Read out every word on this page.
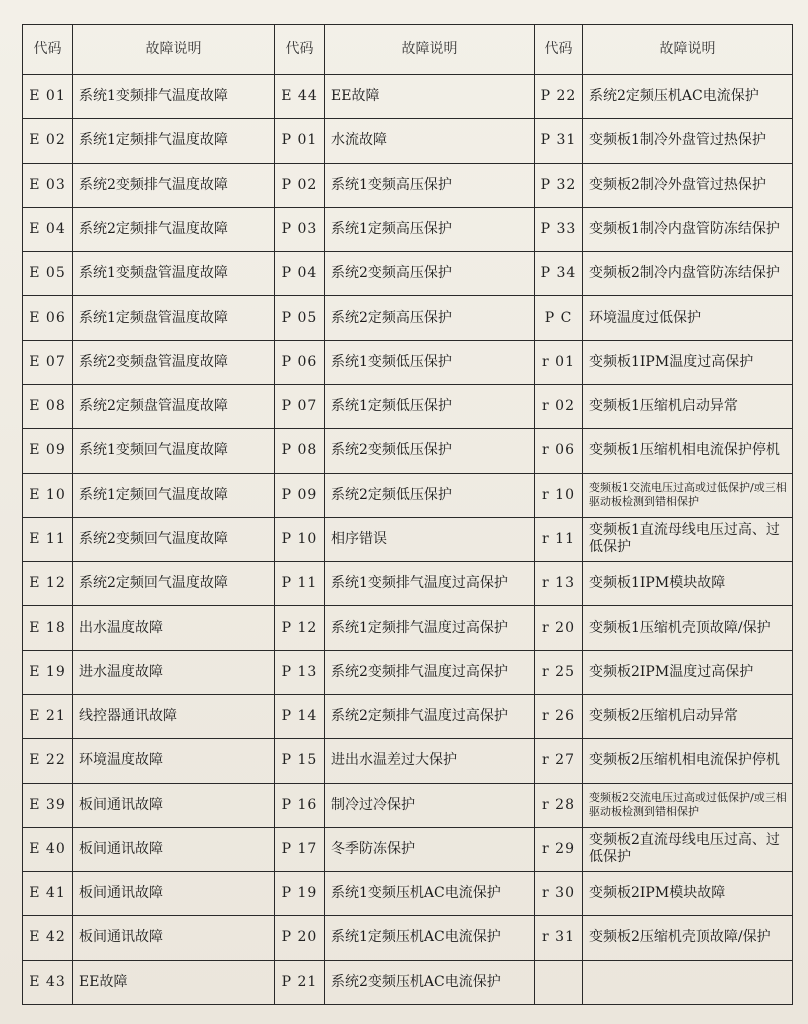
代码	故障说明	代码	故障说明	代码	故障说明
E 01	系统1变频排气温度故障	E 44	EE故障	P 22	系统2定频压机AC电流保护
E 02	系统1定频排气温度故障	P 01	水流故障	P 31	变频板1制冷外盘管过热保护
E 03	系统2变频排气温度故障	P 02	系统1变频高压保护	P 32	变频板2制冷外盘管过热保护
E 04	系统2定频排气温度故障	P 03	系统1定频高压保护	P 33	变频板1制冷内盘管防冻结保护
E 05	系统1变频盘管温度故障	P 04	系统2变频高压保护	P 34	变频板2制冷内盘管防冻结保护
E 06	系统1定频盘管温度故障	P 05	系统2定频高压保护	P C	环境温度过低保护
E 07	系统2变频盘管温度故障	P 06	系统1变频低压保护	r 01	变频板1IPM温度过高保护
E 08	系统2定频盘管温度故障	P 07	系统1定频低压保护	r 02	变频板1压缩机启动异常
E 09	系统1变频回气温度故障	P 08	系统2变频低压保护	r 06	变频板1压缩机相电流保护停机
E 10	系统1定频回气温度故障	P 09	系统2定频低压保护	r 10	变频板1交流电压过高或过低保护/或三相驱动板检测到错相保护
E 11	系统2变频回气温度故障	P 10	相序错误	r 11	变频板1直流母线电压过高、过低保护
E 12	系统2定频回气温度故障	P 11	系统1变频排气温度过高保护	r 13	变频板1IPM模块故障
E 18	出水温度故障	P 12	系统1定频排气温度过高保护	r 20	变频板1压缩机壳顶故障/保护
E 19	进水温度故障	P 13	系统2变频排气温度过高保护	r 25	变频板2IPM温度过高保护
E 21	线控器通讯故障	P 14	系统2定频排气温度过高保护	r 26	变频板2压缩机启动异常
E 22	环境温度故障	P 15	进出水温差过大保护	r 27	变频板2压缩机相电流保护停机
E 39	板间通讯故障	P 16	制冷过冷保护	r 28	变频板2交流电压过高或过低保护/或三相驱动板检测到错相保护
E 40	板间通讯故障	P 17	冬季防冻保护	r 29	变频板2直流母线电压过高、过低保护
E 41	板间通讯故障	P 19	系统1变频压机AC电流保护	r 30	变频板2IPM模块故障
E 42	板间通讯故障	P 20	系统1定频压机AC电流保护	r 31	变频板2压缩机壳顶故障/保护
E 43	EE故障	P 21	系统2变频压机AC电流保护		
